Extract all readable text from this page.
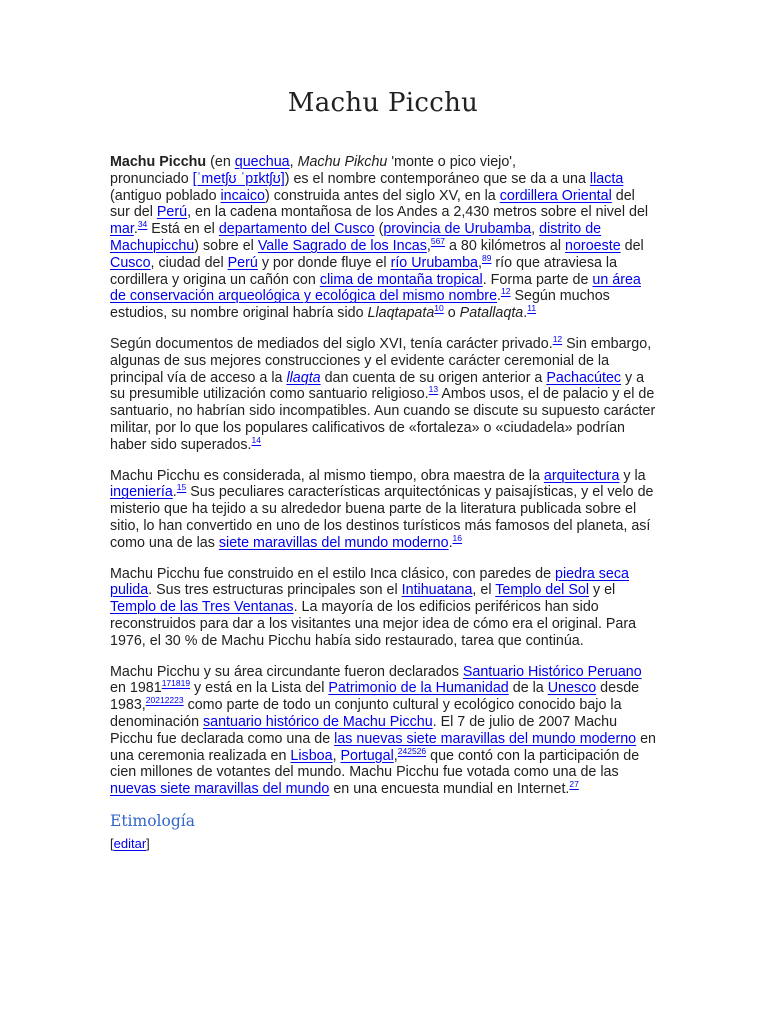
Machu Picchu

Machu Picchu (en quechua, Machu Pikchu 'monte o pico viejo',
pronunciado [ˈmetʃʊ ˈpɪktʃʊ]) es el nombre contemporáneo que se da a una llacta (antiguo poblado incaico) construida antes del siglo XV, en la cordillera Oriental del sur del Perú, en la cadena montañosa de los Andes a 2,430 metros sobre el nivel del mar.$^{34}$ Está en el departamento del Cusco (provincia de Urubamba, distrito de Machupicchu) sobre el Valle Sagrado de los Incas,$^{567}$ a 80 kilómetros al noroeste del Cusco, ciudad del Perú y por donde fluye el río Urubamba,$^{89}$ río que atraviesa la cordillera y origina un cañón con clima de montaña tropical. Forma parte de un área de conservación arqueológica y ecológica del mismo nombre.$^{12}$ Según muchos estudios, su nombre original habría sido Llaqtapata$^{10}$ o Patallaqta.$^{11}$

Según documentos de mediados del siglo XVI, tenía carácter privado.$^{12}$ Sin embargo, algunas de sus mejores construcciones y el evidente carácter ceremonial de la principal vía de acceso a la llaqta dan cuenta de su origen anterior a Pachacútec y a su presumible utilización como santuario religioso.$^{13}$ Ambos usos, el de palacio y el de santuario, no habrían sido incompatibles. Aun cuando se discute su supuesto carácter militar, por lo que los populares calificativos de «fortaleza» o «ciudadela» podrían haber sido superados.$^{14}$

Machu Picchu es considerada, al mismo tiempo, obra maestra de la arquitectura y la ingeniería.$^{15}$ Sus peculiares características arquitectónicas y paisajísticas, y el velo de misterio que ha tejido a su alrededor buena parte de la literatura publicada sobre el sitio, lo han convertido en uno de los destinos turísticos más famosos del planeta, así como una de las siete maravillas del mundo moderno.$^{16}$

Machu Picchu fue construido en el estilo Inca clásico, con paredes de piedra seca pulida. Sus tres estructuras principales son el Intihuatana, el Templo del Sol y el Templo de las Tres Ventanas. La mayoría de los edificios periféricos han sido reconstruidos para dar a los visitantes una mejor idea de cómo era el original. Para 1976, el 30 % de Machu Picchu había sido restaurado, tarea que continúa.

Machu Picchu y su área circundante fueron declarados Santuario Histórico Peruano en 1981$^{171819}$ y está en la Lista del Patrimonio de la Humanidad de la Unesco desde 1983,$^{20212223}$ como parte de todo un conjunto cultural y ecológico conocido bajo la denominación santuario histórico de Machu Picchu. El 7 de julio de 2007 Machu Picchu fue declarada como una de las nuevas siete maravillas del mundo moderno en una ceremonia realizada en Lisboa, Portugal,$^{242526}$ que contó con la participación de cien millones de votantes del mundo. Machu Picchu fue votada como una de las nuevas siete maravillas del mundo en una encuesta mundial en Internet.$^{27}$

Etimología
[editar]
